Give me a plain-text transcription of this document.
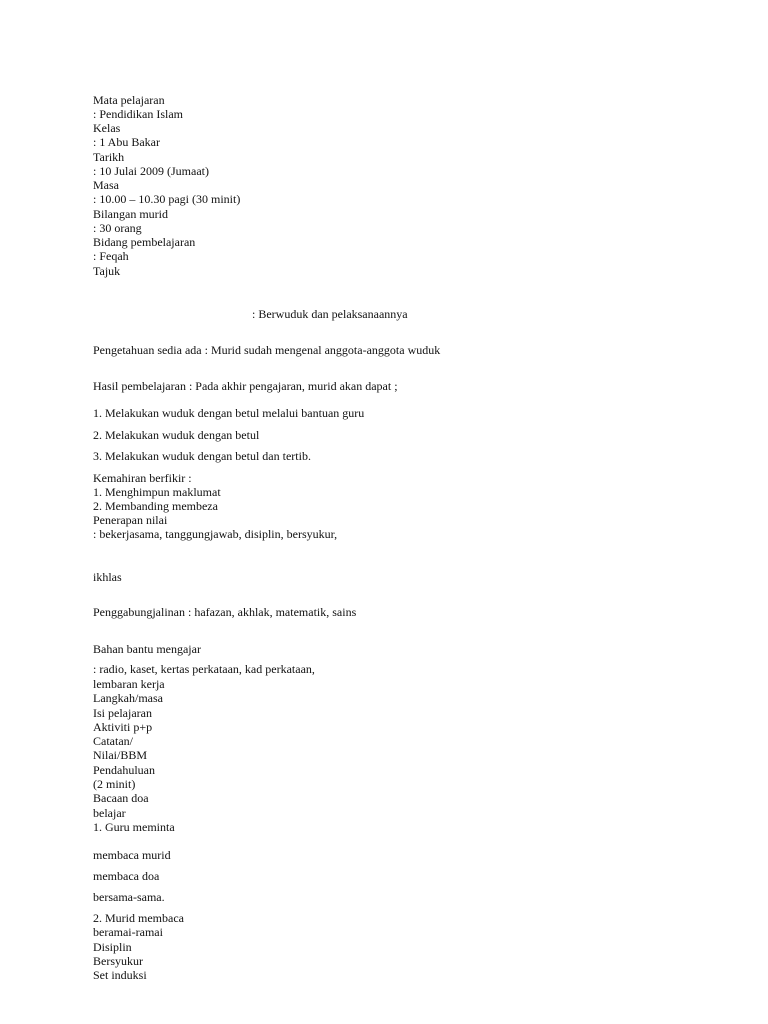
Mata pelajaran
: Pendidikan Islam
Kelas
: 1 Abu Bakar
Tarikh
: 10 Julai 2009 (Jumaat)
Masa
: 10.00 – 10.30 pagi (30 minit)
Bilangan murid
: 30 orang
Bidang pembelajaran
: Feqah
Tajuk
: Berwuduk dan pelaksanaannya
Pengetahuan sedia ada : Murid sudah mengenal anggota-anggota wuduk
Hasil pembelajaran : Pada akhir pengajaran, murid akan dapat ;
1. Melakukan wuduk dengan betul melalui bantuan guru
2. Melakukan wuduk dengan betul
3. Melakukan wuduk dengan betul dan tertib.
Kemahiran berfikir :
1. Menghimpun maklumat
2. Membanding membeza
Penerapan nilai
: bekerjasama, tanggungjawab, disiplin, bersyukur,
ikhlas
Penggabungjalinan : hafazan, akhlak, matematik, sains
Bahan bantu mengajar
: radio, kaset, kertas perkataan, kad perkataan,
lembaran kerja
Langkah/masa
Isi pelajaran
Aktiviti p+p
Catatan/
Nilai/BBM
Pendahuluan
(2 minit)
Bacaan doa
belajar
1. Guru meminta
membaca murid
membaca doa
bersama-sama.
2. Murid membaca
beramai-ramai
Disiplin
Bersyukur
Set induksi
